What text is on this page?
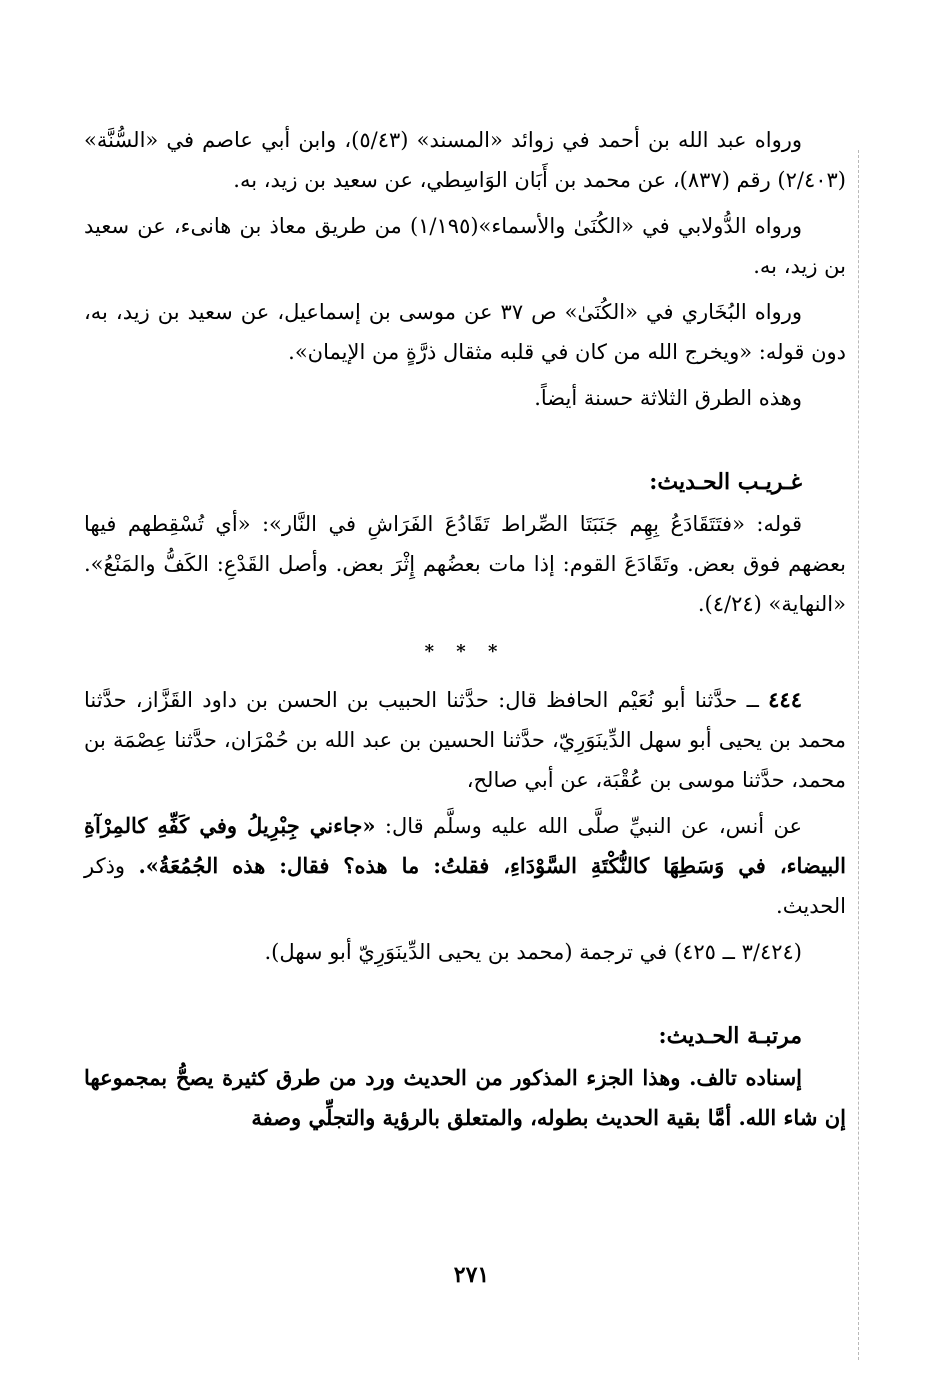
ورواه عبد الله بن أحمد في زوائد «المسند» (٥/٤٣)، وابن أبي عاصم في «السُّنَّة» (٢/٤٠٣) رقم (٨٣٧)، عن محمد بن أَبَان الوَاسِطي، عن سعيد بن زيد، به.

ورواه الدُّولابي في «الكُنَىٰ والأسماء»(١/١٩٥) من طريق معاذ بن هانىء، عن سعيد بن زيد، به.

ورواه البُخَاري في «الكُنَىٰ» ص ٣٧ عن موسى بن إسماعيل، عن سعيد بن زيد، به، دون قوله: «ويخرج الله من كان في قلبه مثقال ذرَّةٍ من الإيمان».

وهذه الطرق الثلاثة حسنة أيضاً.

غـريـب الحـديث:

قوله: «فتَتَقَادَعُ بِهِم جَنَبَتَا الصِّراط تَقَادُعَ الفَرَاشِ في النَّار»: «أي تُسْقِطهم فيها بعضهم فوق بعض. وتَقَادَعَ القوم: إذا مات بعضُهم إِثْرَ بعض. وأصل القَدْعِ: الكَفُّ والمَنْعُ». «النهاية» (٤/٢٤).

* * *

٤٤٤ ــ حدَّثنا أبو نُعَيْم الحافظ قال: حدَّثنا الحبيب بن الحسن بن داود القَزَّاز، حدَّثنا محمد بن يحيى أبو سهل الدِّينَوَرِيّ، حدَّثنا الحسين بن عبد الله بن حُمْرَان، حدَّثنا عِصْمَة بن محمد، حدَّثنا موسى بن عُقْبَة، عن أبي صالح،

عن أنس، عن النبيِّ صلَّى الله عليه وسلَّم قال: «جاءني جِبْرِيلُ وفي كَفِّهِ كالمِرْآةِ البيضاء، في وَسَطِهَا كالنُّكْتَةِ السَّوْدَاءِ، فقلتُ: ما هذه؟ فقال: هذه الجُمُعَةُ». وذكر الحديث.

(٣/٤٢٤ ــ ٤٢٥) في ترجمة (محمد بن يحيى الدِّينَوَرِيّ أبو سهل).

مرتبـة الحـديث:

إسناده تالف. وهذا الجزء المذكور من الحديث ورد من طرق كثيرة يصحُّ بمجموعها إن شاء الله. أمَّا بقية الحديث بطوله، والمتعلق بالرؤية والتجلِّي وصفة

٢٧١
